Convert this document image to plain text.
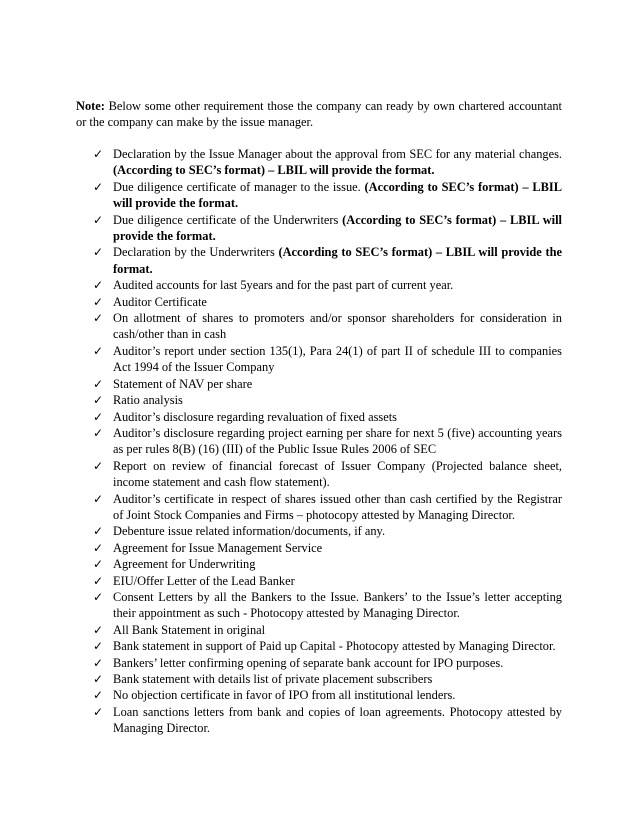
Note: Below some other requirement those the company can ready by own chartered accountant or the company can make by the issue manager.

✓ Declaration by the Issue Manager about the approval from SEC for any material changes. (According to SEC’s format) – LBIL will provide the format.
✓ Due diligence certificate of manager to the issue. (According to SEC’s format) – LBIL will provide the format.
✓ Due diligence certificate of the Underwriters (According to SEC’s format) – LBIL will provide the format.
✓ Declaration by the Underwriters (According to SEC’s format) – LBIL will provide the format.
✓ Audited accounts for last 5years and for the past part of current year.
✓ Auditor Certificate
✓ On allotment of shares to promoters and/or sponsor shareholders for consideration in cash/other than in cash
✓ Auditor’s report under section 135(1), Para 24(1) of part II of schedule III to companies Act 1994 of the Issuer Company
✓ Statement of NAV per share
✓ Ratio analysis
✓ Auditor’s disclosure regarding revaluation of fixed assets
✓ Auditor’s disclosure regarding project earning per share for next 5 (five) accounting years as per rules 8(B) (16) (III) of the Public Issue Rules 2006 of SEC
✓ Report on review of financial forecast of Issuer Company (Projected balance sheet, income statement and cash flow statement).
✓ Auditor’s certificate in respect of shares issued other than cash certified by the Registrar of Joint Stock Companies and Firms – photocopy attested by Managing Director.
✓ Debenture issue related information/documents, if any.
✓ Agreement for Issue Management Service
✓ Agreement for Underwriting
✓ EIU/Offer Letter of the Lead Banker
✓ Consent Letters by all the Bankers to the Issue. Bankers’ to the Issue’s letter accepting their appointment as such - Photocopy attested by Managing Director.
✓ All Bank Statement in original
✓ Bank statement in support of Paid up Capital - Photocopy attested by Managing Director.
✓ Bankers’ letter confirming opening of separate bank account for IPO purposes.
✓ Bank statement with details list of private placement subscribers
✓ No objection certificate in favor of IPO from all institutional lenders.
✓ Loan sanctions letters from bank and copies of loan agreements. Photocopy attested by Managing Director.
